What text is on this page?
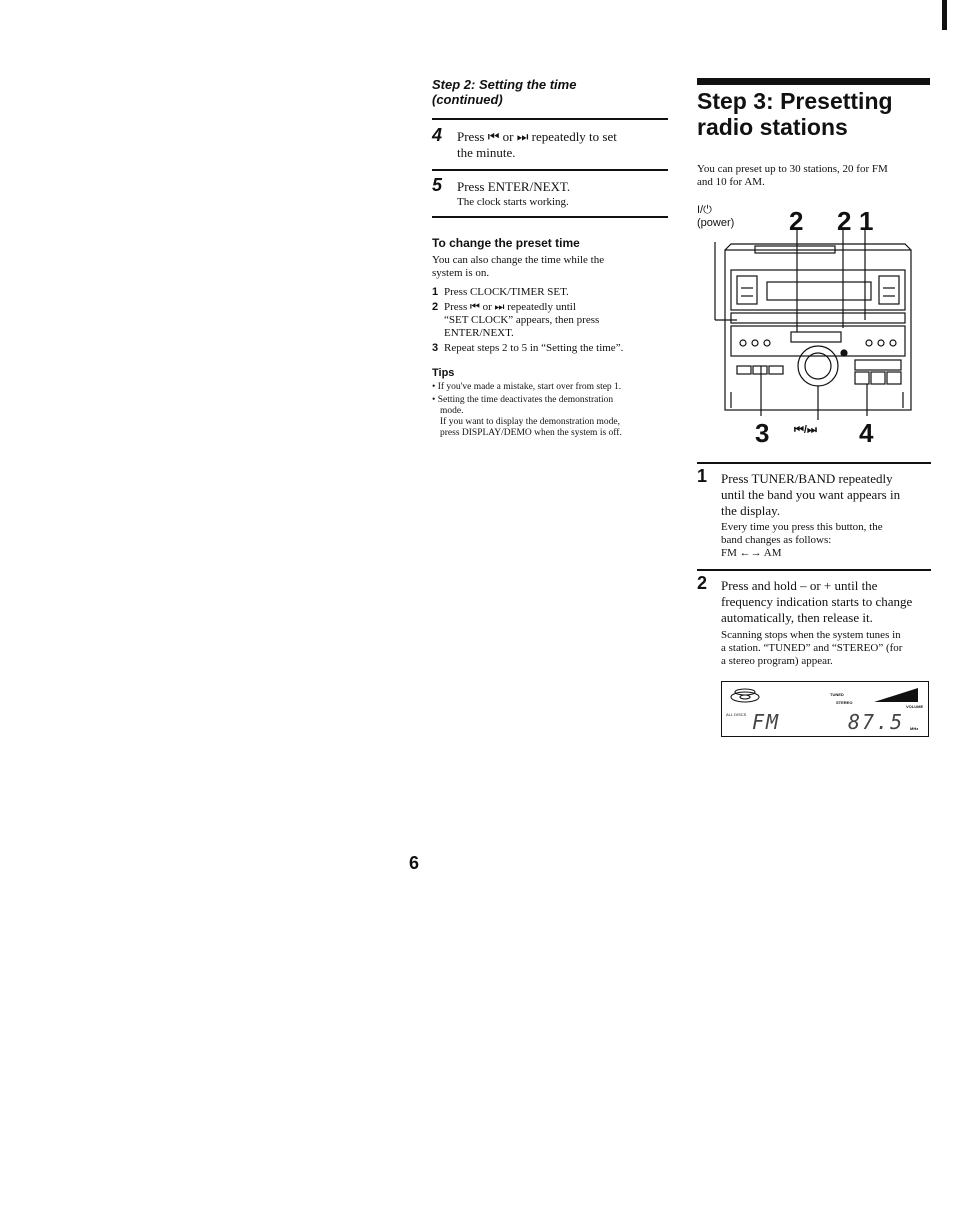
Step 2: Setting the time
(continued)
4 Press ⏮ or ⏭ repeatedly to set
the minute.
5 Press ENTER/NEXT.
The clock starts working.
To change the preset time
You can also change the time while the
system is on.
1 Press CLOCK/TIMER SET.
2 Press ⏮ or ⏭ repeatedly until
“SET CLOCK” appears, then press
ENTER/NEXT.
3 Repeat steps 2 to 5 in “Setting the time”.
Tips
• If you've made a mistake, start over from step 1.
• Setting the time deactivates the demonstration
mode.
If you want to display the demonstration mode,
press DISPLAY/DEMO when the system is off.
6
Step 3: Presetting
radio stations
You can preset up to 30 stations, 20 for FM
and 10 for AM.
I/⏻
(power) 2 2 1
3 ⏮/⏭ 4
1 Press TUNER/BAND repeatedly
until the band you want appears in
the display.
Every time you press this button, the
band changes as follows:
FM ←→ AM
2 Press and hold – or + until the
frequency indication starts to change
automatically, then release it.
Scanning stops when the system tunes in
a station. “TUNED” and “STEREO” (for
a stereo program) appear.
ALL DISCS FM	87.5
TUNED
STEREO
VOLUME
MHz
